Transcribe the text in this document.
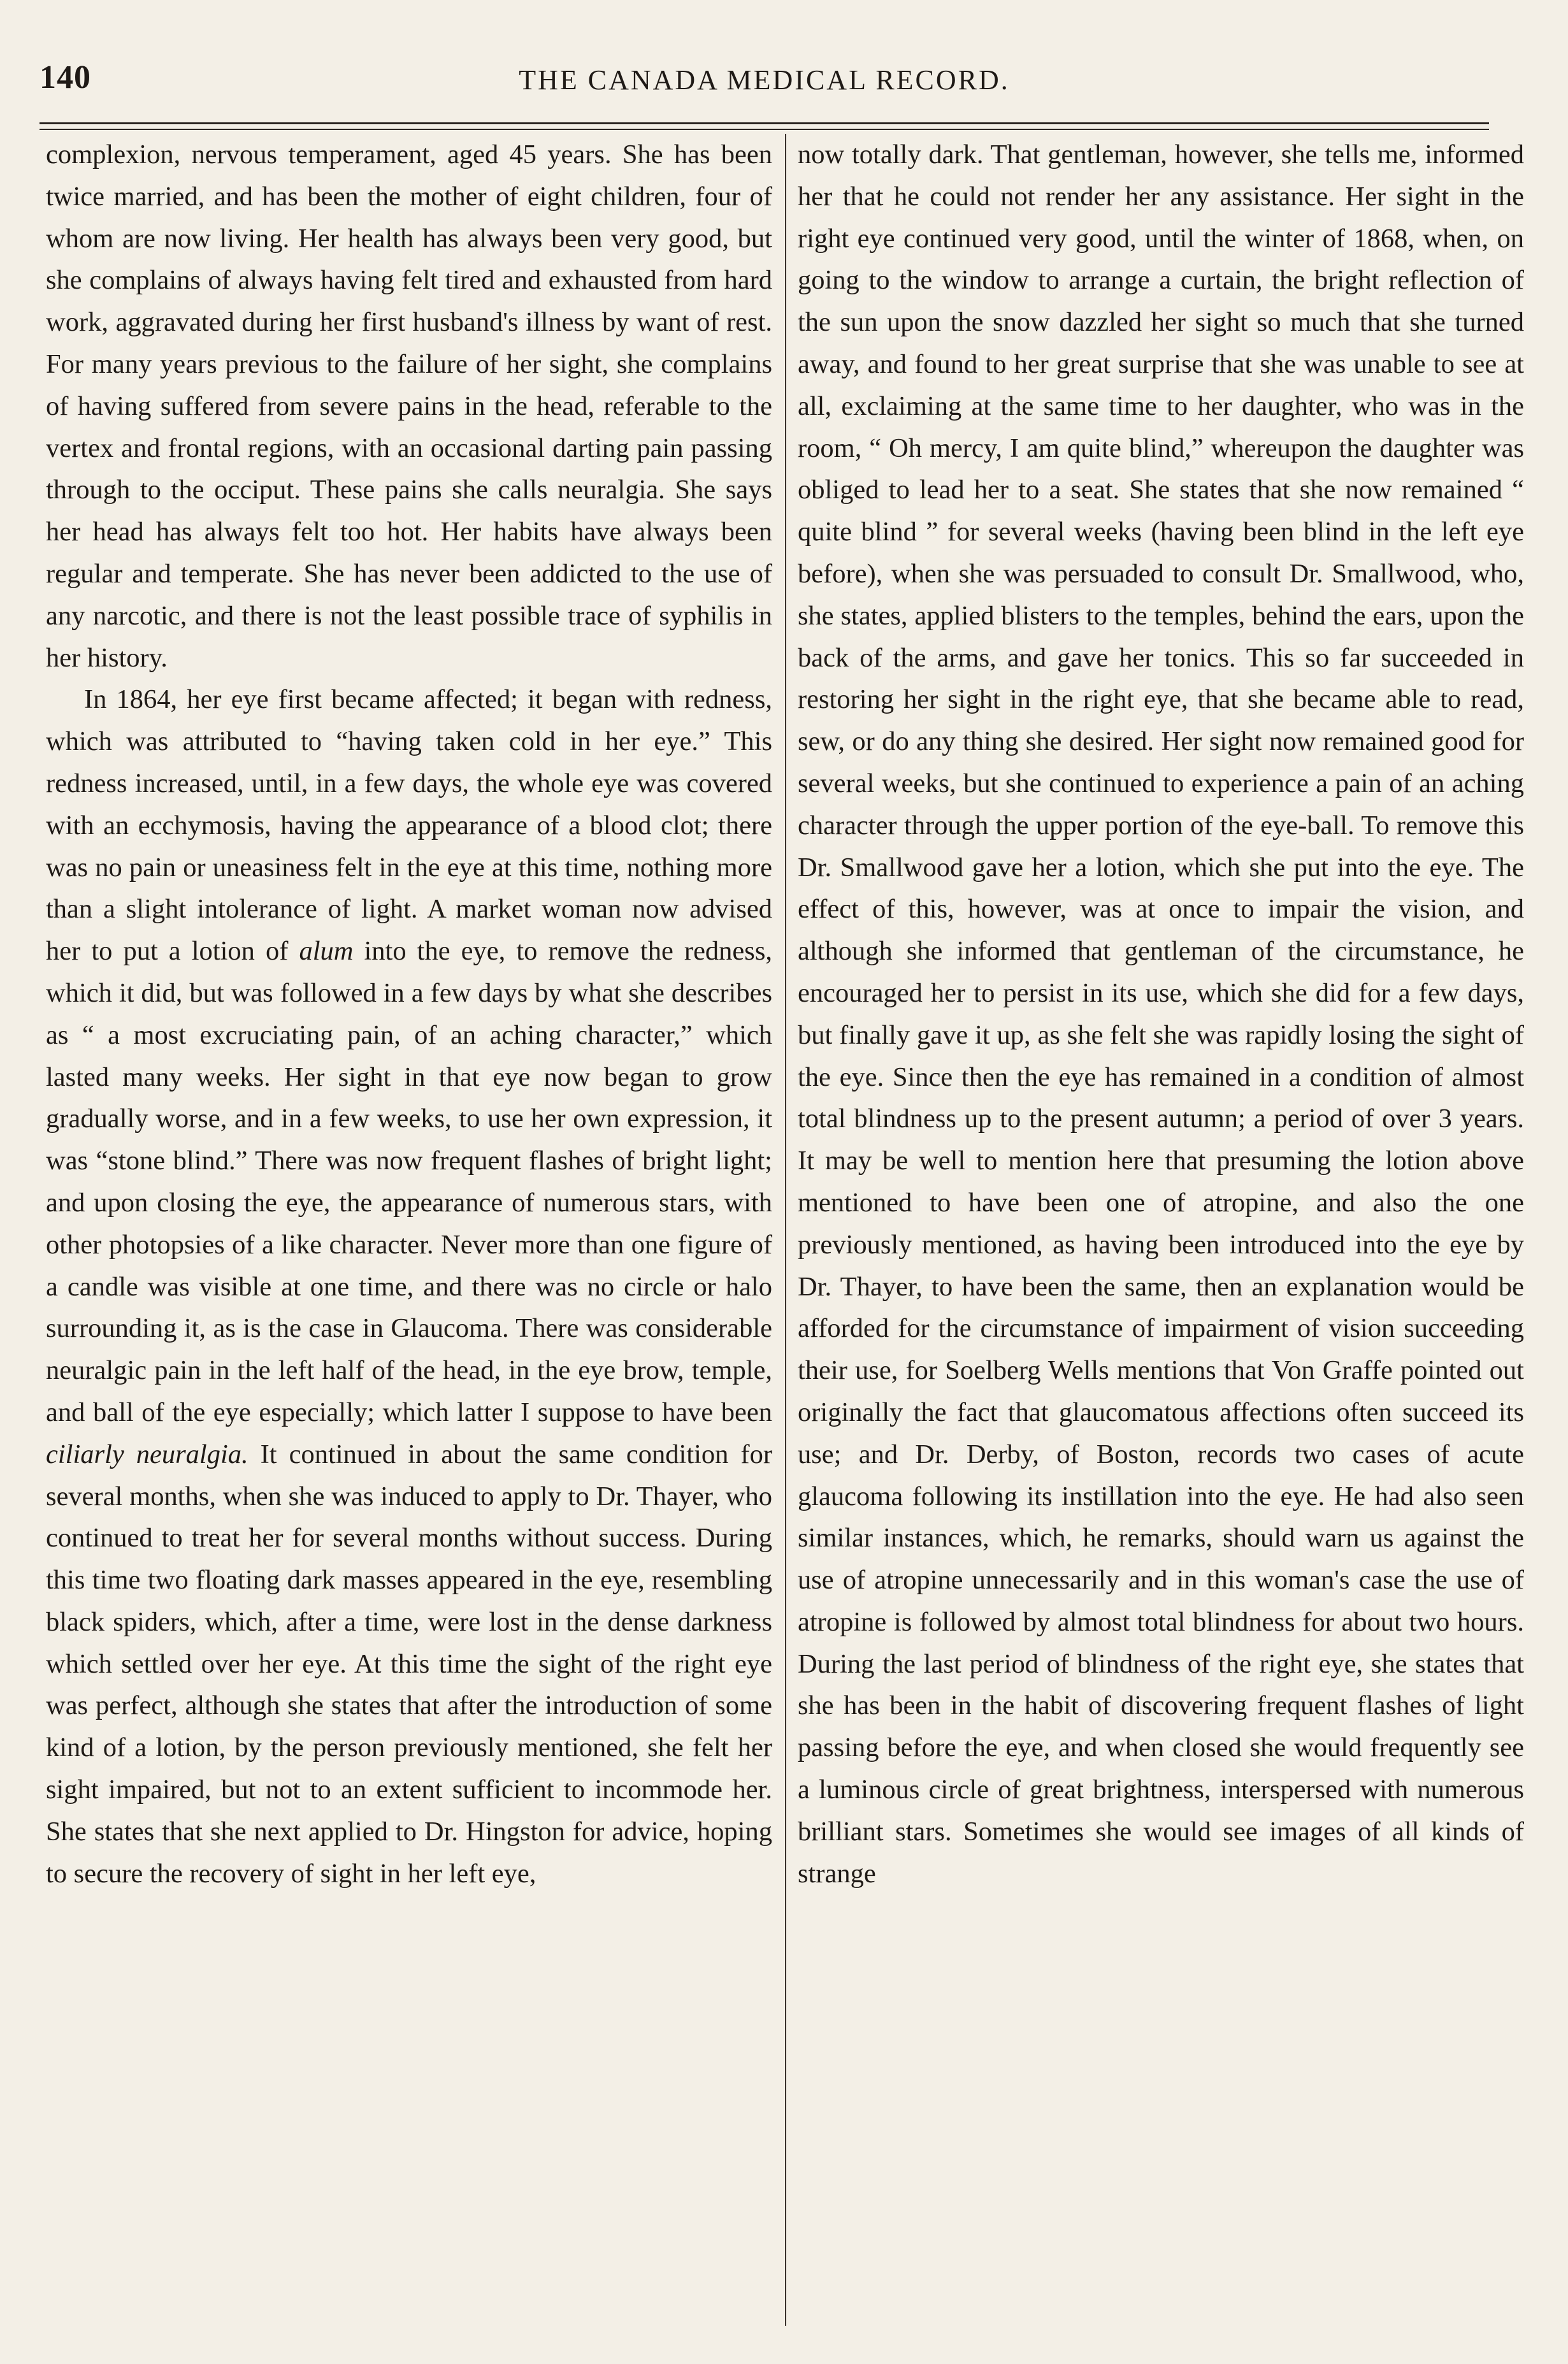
140	THE CANADA MEDICAL RECORD.

complexion, nervous temperament, aged 45 years. She has been twice married, and has been the mother of eight children, four of whom are now living. Her health has always been very good, but she complains of always having felt tired and exhausted from hard work, aggravated during her first husband's illness by want of rest. For many years previous to the failure of her sight, she complains of having suffered from severe pains in the head, referable to the vertex and frontal regions, with an occasional darting pain passing through to the occiput. These pains she calls neuralgia. She says her head has always felt too hot. Her habits have always been regular and temperate. She has never been addicted to the use of any narcotic, and there is not the least possible trace of syphilis in her history.

In 1864, her eye first became affected; it began with redness, which was attributed to “having taken cold in her eye.” This redness increased, until, in a few days, the whole eye was covered with an ecchymosis, having the appearance of a blood clot; there was no pain or uneasiness felt in the eye at this time, nothing more than a slight intolerance of light. A market woman now advised her to put a lotion of alum into the eye, to remove the redness, which it did, but was followed in a few days by what she describes as “ a most excruciating pain, of an aching character,” which lasted many weeks. Her sight in that eye now began to grow gradually worse, and in a few weeks, to use her own expression, it was “stone blind.” There was now frequent flashes of bright light; and upon closing the eye, the appearance of numerous stars, with other photopsies of a like character. Never more than one figure of a candle was visible at one time, and there was no circle or halo surrounding it, as is the case in Glaucoma. There was considerable neuralgic pain in the left half of the head, in the eye brow, temple, and ball of the eye especially; which latter I suppose to have been ciliarly neuralgia. It continued in about the same condition for several months, when she was induced to apply to Dr. Thayer, who continued to treat her for several months without success. During this time two floating dark masses appeared in the eye, resembling black spiders, which, after a time, were lost in the dense darkness which settled over her eye. At this time the sight of the right eye was perfect, although she states that after the introduction of some kind of a lotion, by the person previously mentioned, she felt her sight impaired, but not to an extent sufficient to incommode her. She states that she next applied to Dr. Hingston for advice, hoping to secure the recovery of sight in her left eye,

now totally dark. That gentleman, however, she tells me, informed her that he could not render her any assistance. Her sight in the right eye continued very good, until the winter of 1868, when, on going to the window to arrange a curtain, the bright reflection of the sun upon the snow dazzled her sight so much that she turned away, and found to her great surprise that she was unable to see at all, exclaiming at the same time to her daughter, who was in the room, “ Oh mercy, I am quite blind,” whereupon the daughter was obliged to lead her to a seat. She states that she now remained “ quite blind ” for several weeks (having been blind in the left eye before), when she was persuaded to consult Dr. Smallwood, who, she states, applied blisters to the temples, behind the ears, upon the back of the arms, and gave her tonics. This so far succeeded in restoring her sight in the right eye, that she became able to read, sew, or do any thing she desired. Her sight now remained good for several weeks, but she continued to experience a pain of an aching character through the upper portion of the eye-ball. To remove this Dr. Smallwood gave her a lotion, which she put into the eye. The effect of this, however, was at once to impair the vision, and although she informed that gentleman of the circumstance, he encouraged her to persist in its use, which she did for a few days, but finally gave it up, as she felt she was rapidly losing the sight of the eye. Since then the eye has remained in a condition of almost total blindness up to the present autumn; a period of over 3 years. It may be well to mention here that presuming the lotion above mentioned to have been one of atropine, and also the one previously mentioned, as having been introduced into the eye by Dr. Thayer, to have been the same, then an explanation would be afforded for the circumstance of impairment of vision succeeding their use, for Soelberg Wells mentions that Von Graffe pointed out originally the fact that glaucomatous affections often succeed its use; and Dr. Derby, of Boston, records two cases of acute glaucoma following its instillation into the eye. He had also seen similar instances, which, he remarks, should warn us against the use of atropine unnecessarily and in this woman's case the use of atropine is followed by almost total blindness for about two hours. During the last period of blindness of the right eye, she states that she has been in the habit of discovering frequent flashes of light passing before the eye, and when closed she would frequently see a luminous circle of great brightness, interspersed with numerous brilliant stars. Sometimes she would see images of all kinds of strange
